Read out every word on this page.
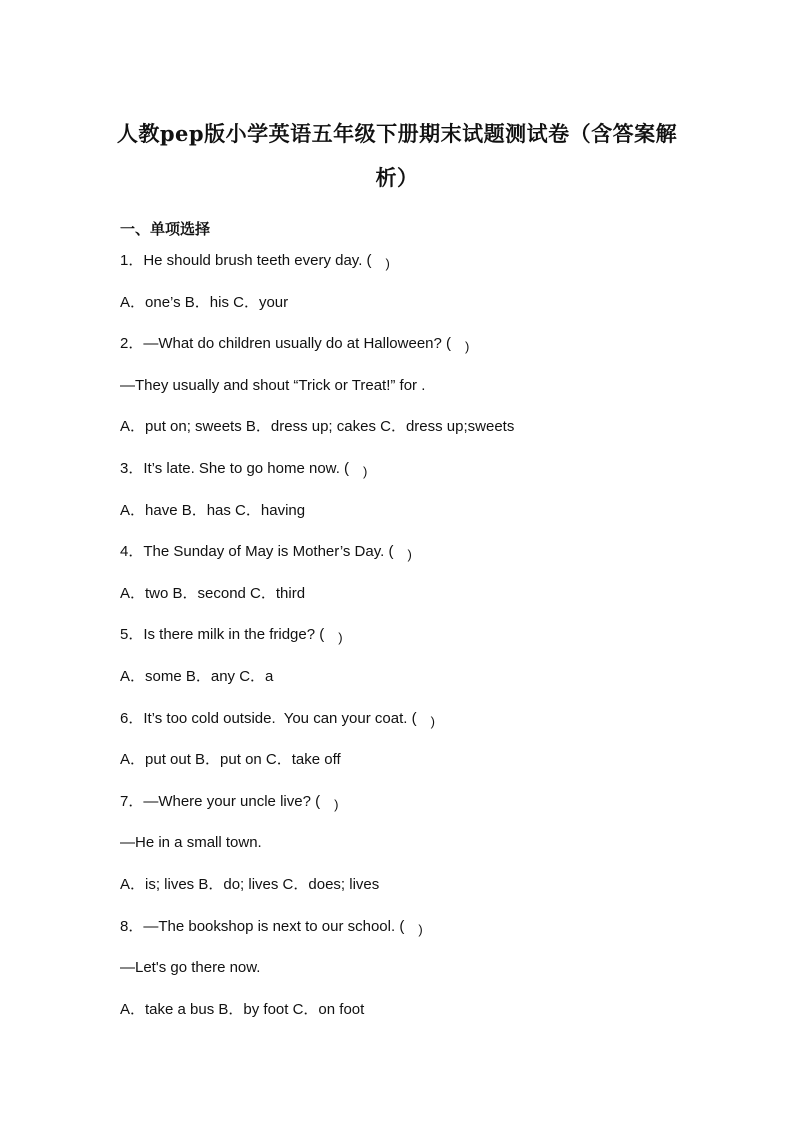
人教pep版小学英语五年级下册期末试题测试卷（含答案解析）
一、单项选择
1．He should brush teeth every day. ( )
A．one’s B．his C．your
2．—What do children usually do at Halloween? ( )
—They usually and shout “Trick or Treat!” for .
A．put on; sweets B．dress up; cakes C．dress up;sweets
3．It’s late. She to go home now. ( )
A．have B．has C．having
4．The Sunday of May is Mother’s Day. ( )
A．two B．second C．third
5．Is there milk in the fridge? ( )
A．some B．any C．a
6．It’s too cold outside.  You can your coat. ( )
A．put out B．put on C．take off
7．—Where your uncle live? ( )
—He in a small town.
A．is; lives B．do; lives C．does; lives
8．—The bookshop is next to our school. ( )
—Let's go there now.
A．take a bus B．by foot C．on foot
